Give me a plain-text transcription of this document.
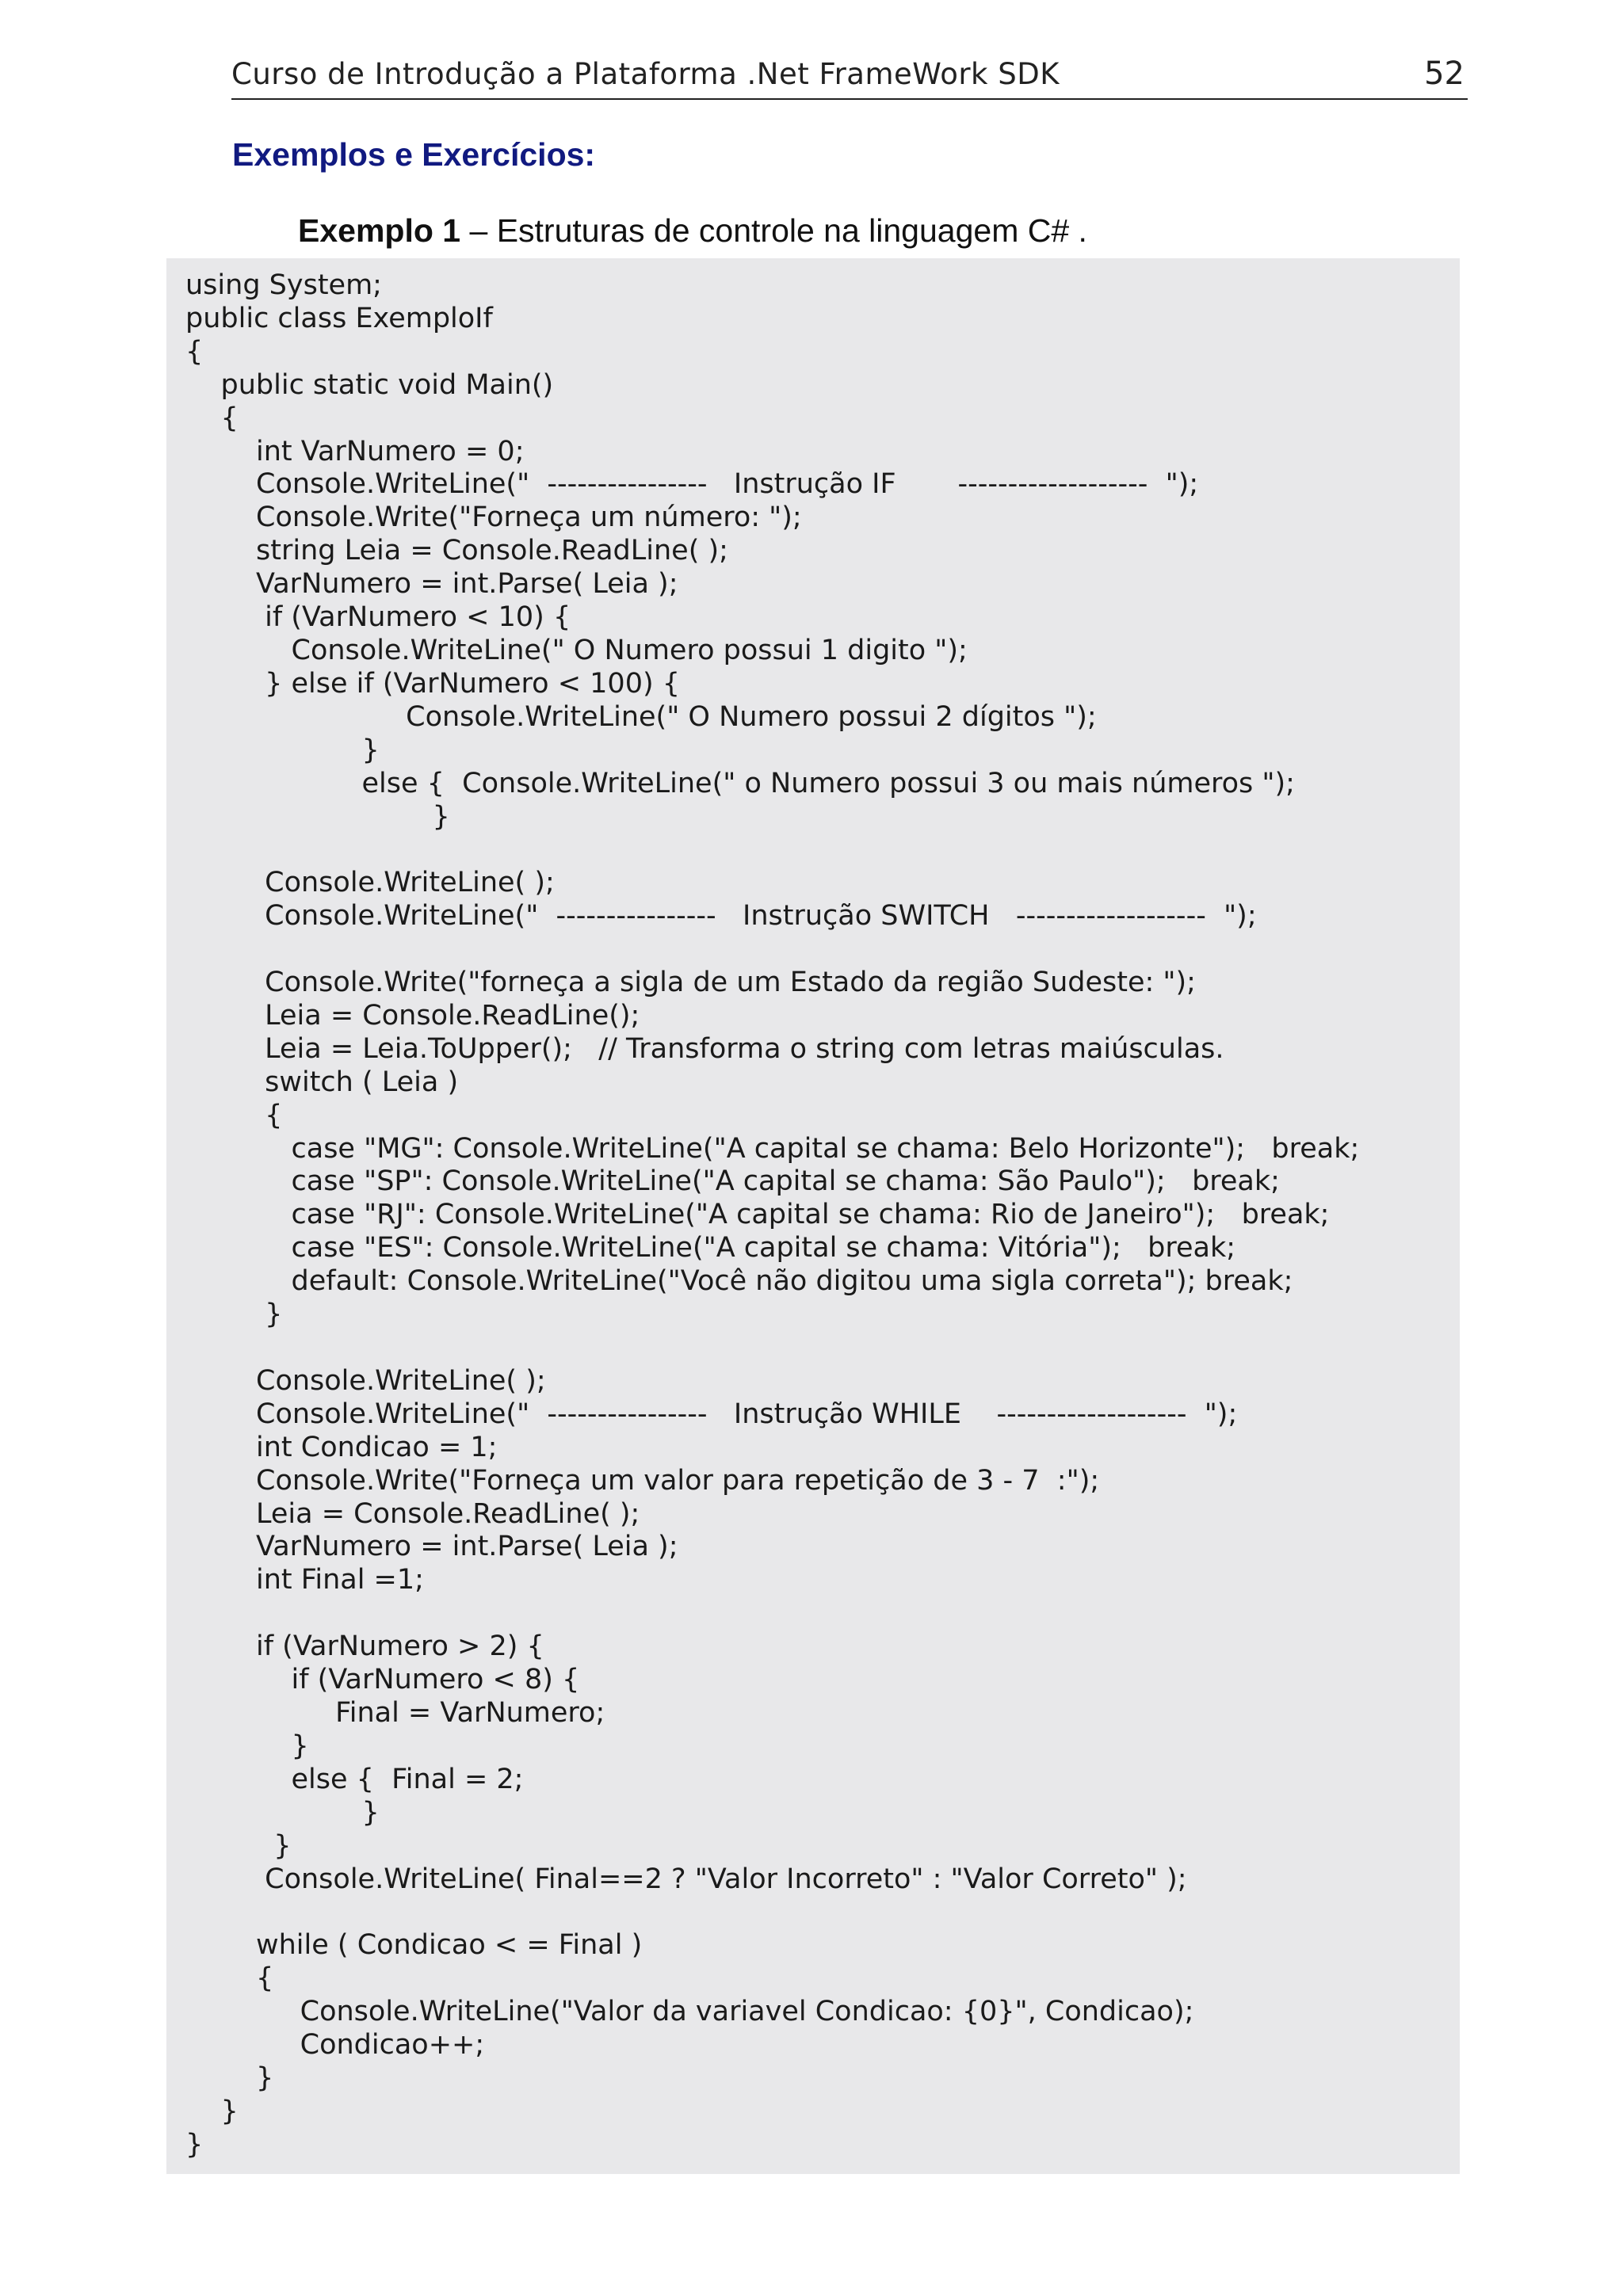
Curso de Introdução a Plataforma .Net FrameWork SDK	52
Exemplos e Exercícios:
Exemplo 1 – Estruturas de controle na linguagem C# .
using System;
public class ExemploIf
{
public static void Main()
{
int VarNumero = 0;
Console.WriteLine("  ----------------   Instrução IF       -------------------  ");
Console.Write("Forneça um número: ");
string Leia = Console.ReadLine( );
VarNumero = int.Parse( Leia );
if (VarNumero < 10) {
Console.WriteLine(" O Numero possui 1 digito ");
} else if (VarNumero < 100) {
Console.WriteLine(" O Numero possui 2 dígitos ");
}
else {  Console.WriteLine(" o Numero possui 3 ou mais números ");
}

Console.WriteLine( );
Console.WriteLine("  ----------------   Instrução SWITCH   -------------------  ");

Console.Write("forneça a sigla de um Estado da região Sudeste: ");
Leia = Console.ReadLine();
Leia = Leia.ToUpper();   // Transforma o string com letras maiúsculas.
switch ( Leia )
{
case "MG": Console.WriteLine("A capital se chama: Belo Horizonte");   break;
case "SP": Console.WriteLine("A capital se chama: São Paulo");   break;
case "RJ": Console.WriteLine("A capital se chama: Rio de Janeiro");   break;
case "ES": Console.WriteLine("A capital se chama: Vitória");   break;
default: Console.WriteLine("Você não digitou uma sigla correta"); break;
}

Console.WriteLine( );
Console.WriteLine("  ----------------   Instrução WHILE    -------------------  ");
int Condicao = 1;
Console.Write("Forneça um valor para repetição de 3 - 7  :");
Leia = Console.ReadLine( );
VarNumero = int.Parse( Leia );
int Final =1;

if (VarNumero > 2) {
if (VarNumero < 8) {
Final = VarNumero;
}
else {  Final = 2;
}
}
Console.WriteLine( Final==2 ? "Valor Incorreto" : "Valor Correto" );

while ( Condicao < = Final )
{
Console.WriteLine("Valor da variavel Condicao: {0}", Condicao);
Condicao++;
}
}
}
